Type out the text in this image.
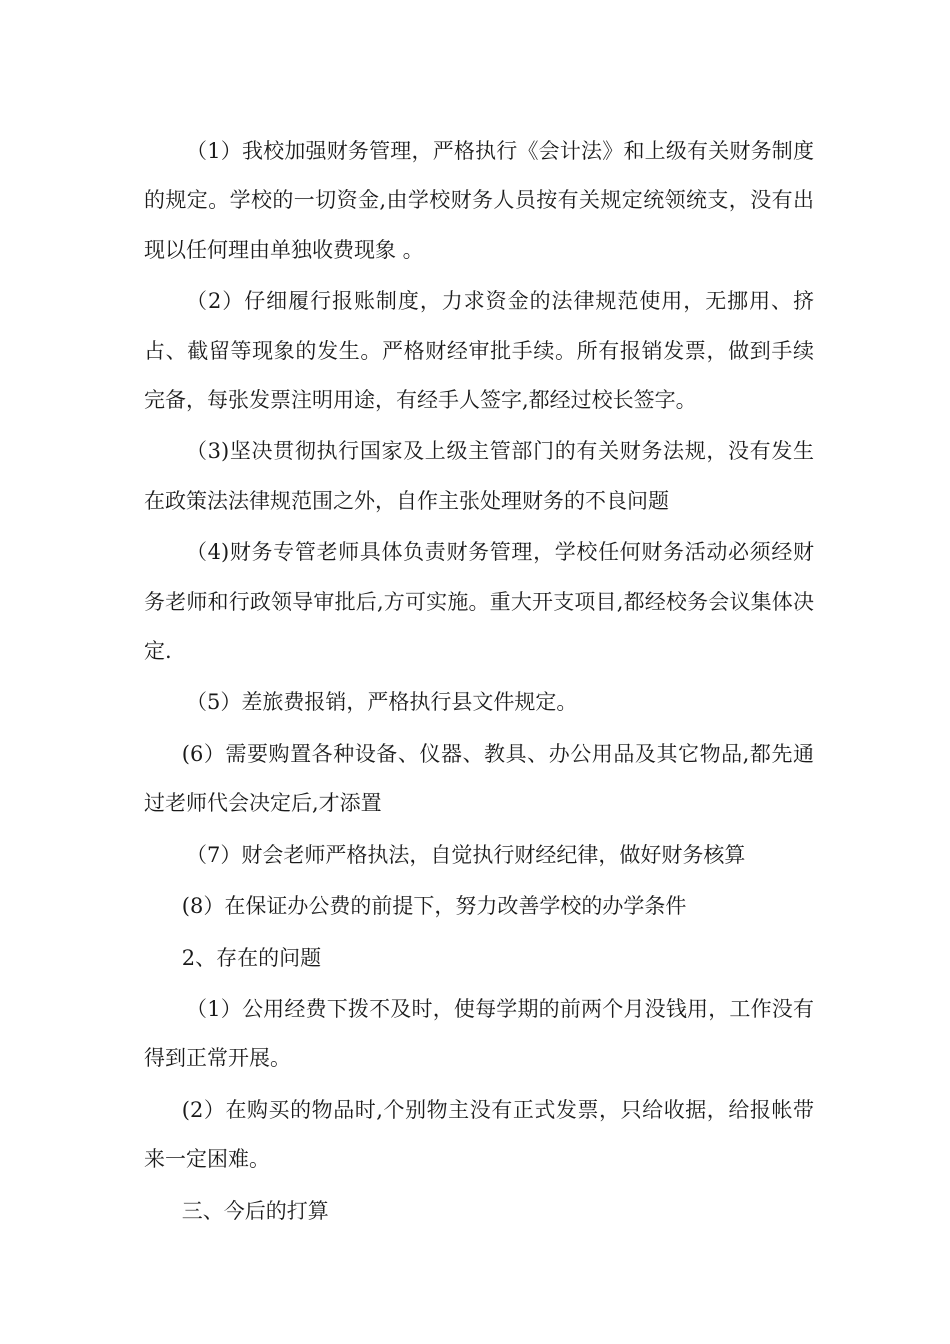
（1）我校加强财务管理，严格执行《会计法》和上级有关财务制度的规定。学校的一切资金,由学校财务人员按有关规定统领统支，没有出现以任何理由单独收费现象 。

（2）仔细履行报账制度，力求资金的法律规范使用，无挪用、挤占、截留等现象的发生。严格财经审批手续。所有报销发票，做到手续完备，每张发票注明用途，有经手人签字,都经过校长签字。

（3)坚决贯彻执行国家及上级主管部门的有关财务法规，没有发生在政策法法律规范围之外，自作主张处理财务的不良问题

（4)财务专管老师具体负责财务管理，学校任何财务活动必须经财务老师和行政领导审批后,方可实施。重大开支项目,都经校务会议集体决定.

（5）差旅费报销，严格执行县文件规定。

(6）需要购置各种设备、仪器、教具、办公用品及其它物品,都先通过老师代会决定后,才添置

（7）财会老师严格执法，自觉执行财经纪律，做好财务核算

(8）在保证办公费的前提下，努力改善学校的办学条件

2、存在的问题

（1）公用经费下拨不及时，使每学期的前两个月没钱用，工作没有得到正常开展。

(2）在购买的物品时,个别物主没有正式发票，只给收据，给报帐带来一定困难。

三、今后的打算
